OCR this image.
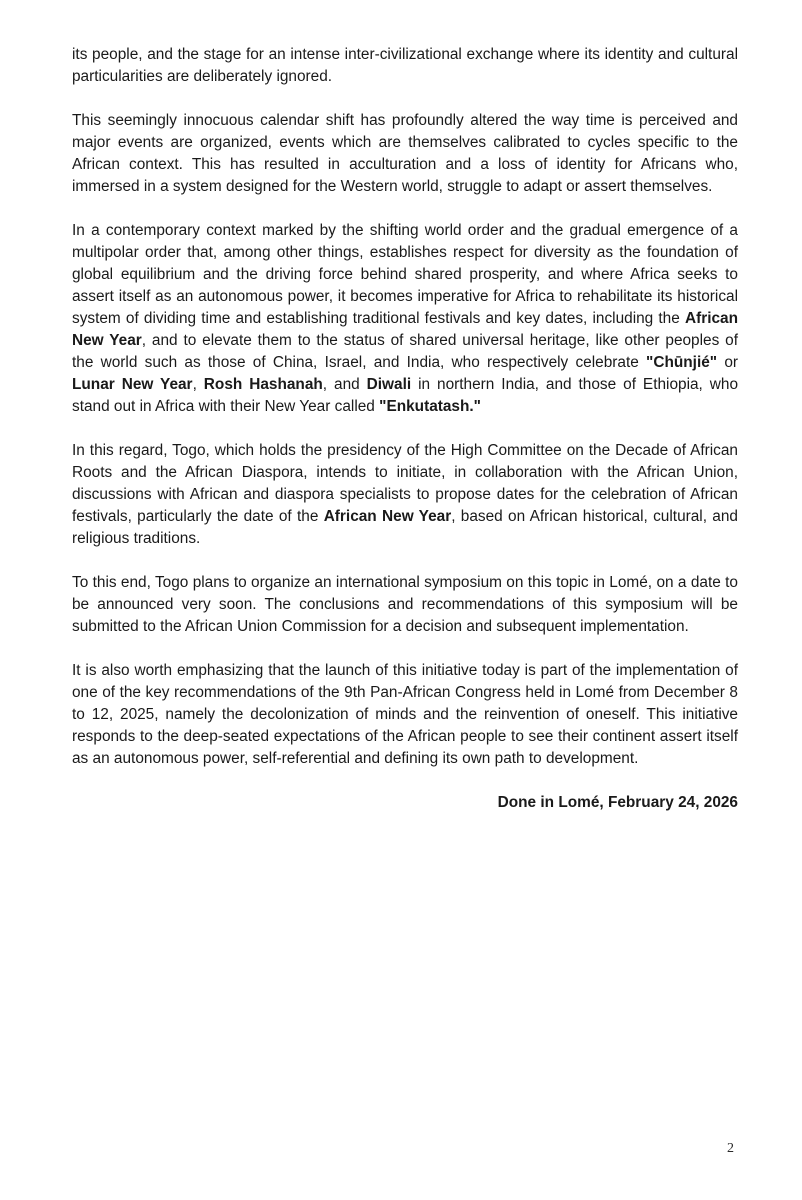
its people, and the stage for an intense inter-civilizational exchange where its identity and cultural particularities are deliberately ignored.

This seemingly innocuous calendar shift has profoundly altered the way time is perceived and major events are organized, events which are themselves calibrated to cycles specific to the African context. This has resulted in acculturation and a loss of identity for Africans who, immersed in a system designed for the Western world, struggle to adapt or assert themselves.

In a contemporary context marked by the shifting world order and the gradual emergence of a multipolar order that, among other things, establishes respect for diversity as the foundation of global equilibrium and the driving force behind shared prosperity, and where Africa seeks to assert itself as an autonomous power, it becomes imperative for Africa to rehabilitate its historical system of dividing time and establishing traditional festivals and key dates, including the African New Year, and to elevate them to the status of shared universal heritage, like other peoples of the world such as those of China, Israel, and India, who respectively celebrate "Chūnjié" or Lunar New Year, Rosh Hashanah, and Diwali in northern India, and those of Ethiopia, who stand out in Africa with their New Year called "Enkutatash."

In this regard, Togo, which holds the presidency of the High Committee on the Decade of African Roots and the African Diaspora, intends to initiate, in collaboration with the African Union, discussions with African and diaspora specialists to propose dates for the celebration of African festivals, particularly the date of the African New Year, based on African historical, cultural, and religious traditions.

To this end, Togo plans to organize an international symposium on this topic in Lomé, on a date to be announced very soon. The conclusions and recommendations of this symposium will be submitted to the African Union Commission for a decision and subsequent implementation.

It is also worth emphasizing that the launch of this initiative today is part of the implementation of one of the key recommendations of the 9th Pan-African Congress held in Lomé from December 8 to 12, 2025, namely the decolonization of minds and the reinvention of oneself. This initiative responds to the deep-seated expectations of the African people to see their continent assert itself as an autonomous power, self-referential and defining its own path to development.

Done in Lomé, February 24, 2026

2
